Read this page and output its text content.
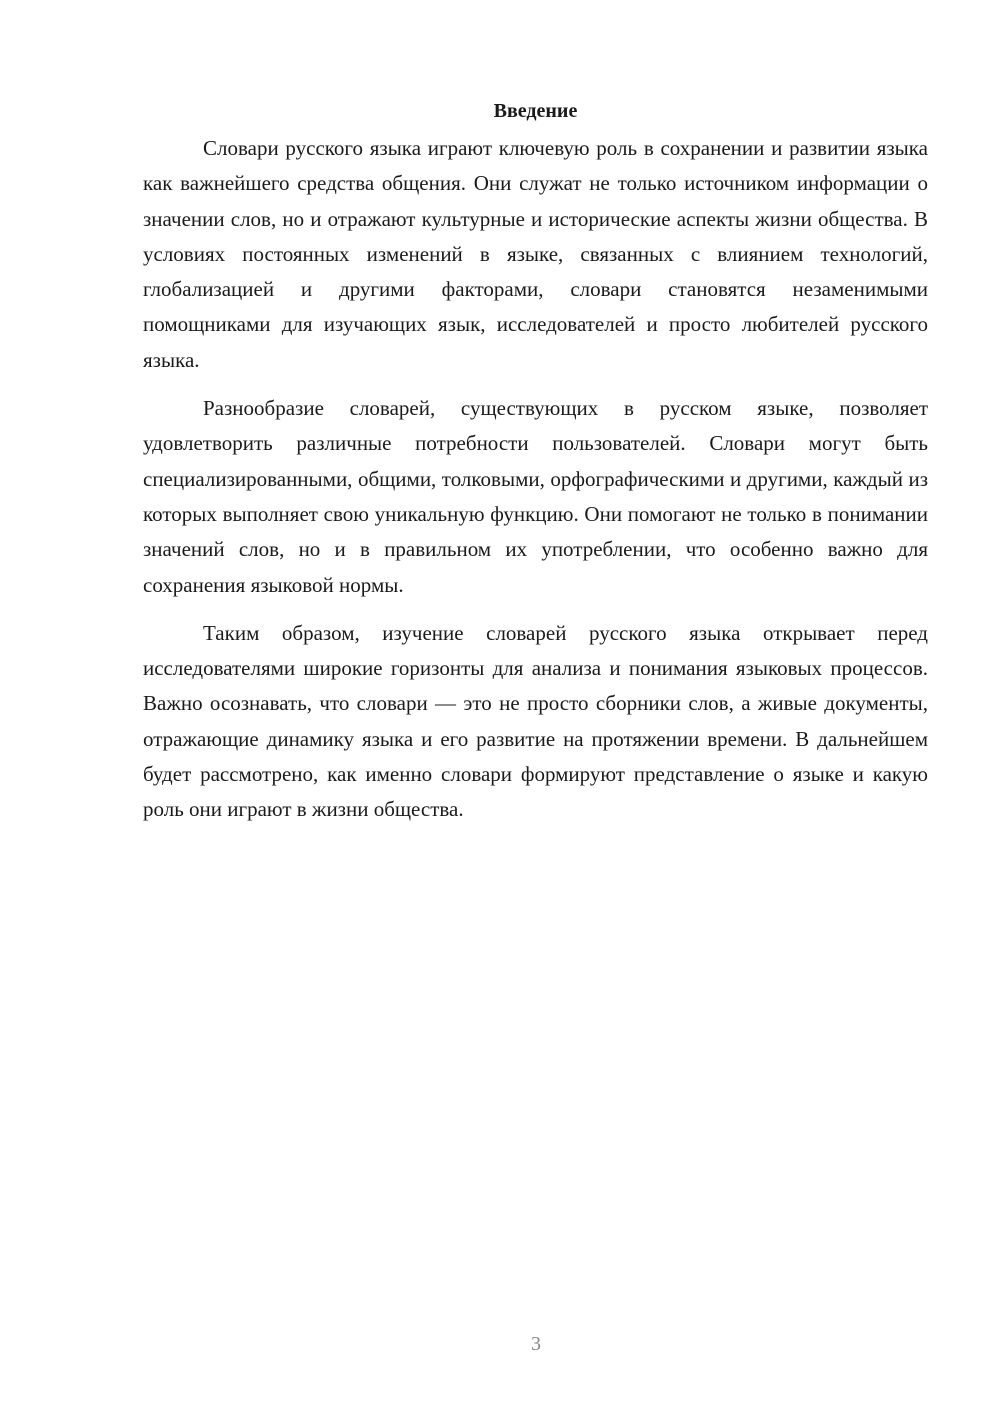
Введение

Словари русского языка играют ключевую роль в сохранении и развитии языка как важнейшего средства общения. Они служат не только источником информации о значении слов, но и отражают культурные и исторические аспекты жизни общества. В условиях постоянных изменений в языке, связанных с влиянием технологий, глобализацией и другими факторами, словари становятся незаменимыми помощниками для изучающих язык, исследователей и просто любителей русского языка.

Разнообразие словарей, существующих в русском языке, позволяет удовлетворить различные потребности пользователей. Словари могут быть специализированными, общими, толковыми, орфографическими и другими, каждый из которых выполняет свою уникальную функцию. Они помогают не только в понимании значений слов, но и в правильном их употреблении, что особенно важно для сохранения языковой нормы.

Таким образом, изучение словарей русского языка открывает перед исследователями широкие горизонты для анализа и понимания языковых процессов. Важно осознавать, что словари — это не просто сборники слов, а живые документы, отражающие динамику языка и его развитие на протяжении времени. В дальнейшем будет рассмотрено, как именно словари формируют представление о языке и какую роль они играют в жизни общества.

3
